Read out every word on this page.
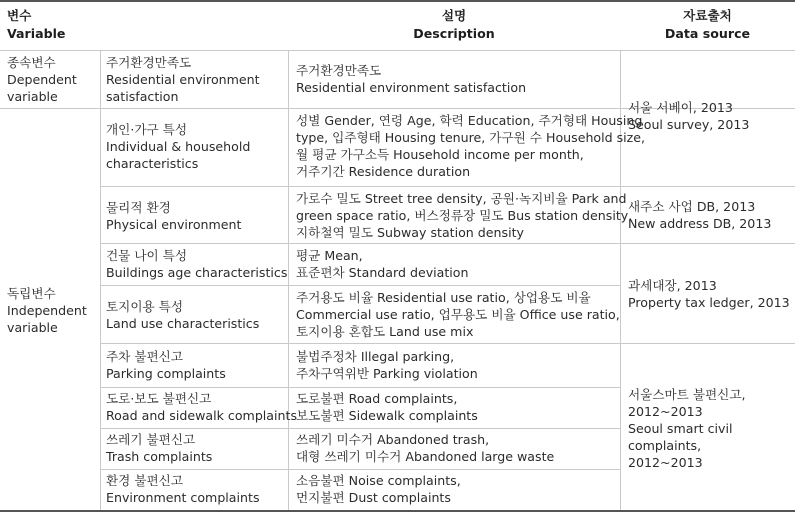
변수
Variable
설명
Description
자료출처
Data source
종속변수
Dependent
variable
독립변수
Independent
variable
주거환경만족도
Residential environment
satisfaction
주거환경만족도
Residential environment satisfaction
개인·가구 특성
Individual & household
characteristics
성별 Gender, 연령 Age, 학력 Education, 주거형태 Housing
type, 입주형태 Housing tenure, 가구원 수 Household size,
월 평균 가구소득 Household income per month,
거주기간 Residence duration
물리적 환경
Physical environment
가로수 밀도 Street tree density, 공원·녹지비율 Park and
green space ratio, 버스정류장 밀도 Bus station density,
지하철역 밀도 Subway station density
건물 나이 특성
Buildings age characteristics
평균 Mean,
표준편차 Standard deviation
토지이용 특성
Land use characteristics
주거용도 비율 Residential use ratio, 상업용도 비율
Commercial use ratio, 업무용도 비율 Office use ratio,
토지이용 혼합도 Land use mix
주차 불편신고
Parking complaints
불법주정차 Illegal parking,
주차구역위반 Parking violation
도로·보도 불편신고
Road and sidewalk complaints
도로불편 Road complaints,
보도불편 Sidewalk complaints
쓰레기 불편신고
Trash complaints
쓰레기 미수거 Abandoned trash,
대형 쓰레기 미수거 Abandoned large waste
환경 불편신고
Environment complaints
소음불편 Noise complaints,
먼지불편 Dust complaints
서울 서베이, 2013
Seoul survey, 2013
새주소 사업 DB, 2013
New address DB, 2013
과세대장, 2013
Property tax ledger, 2013
서울스마트 불편신고,
2012~2013
Seoul smart civil
complaints,
2012~2013
